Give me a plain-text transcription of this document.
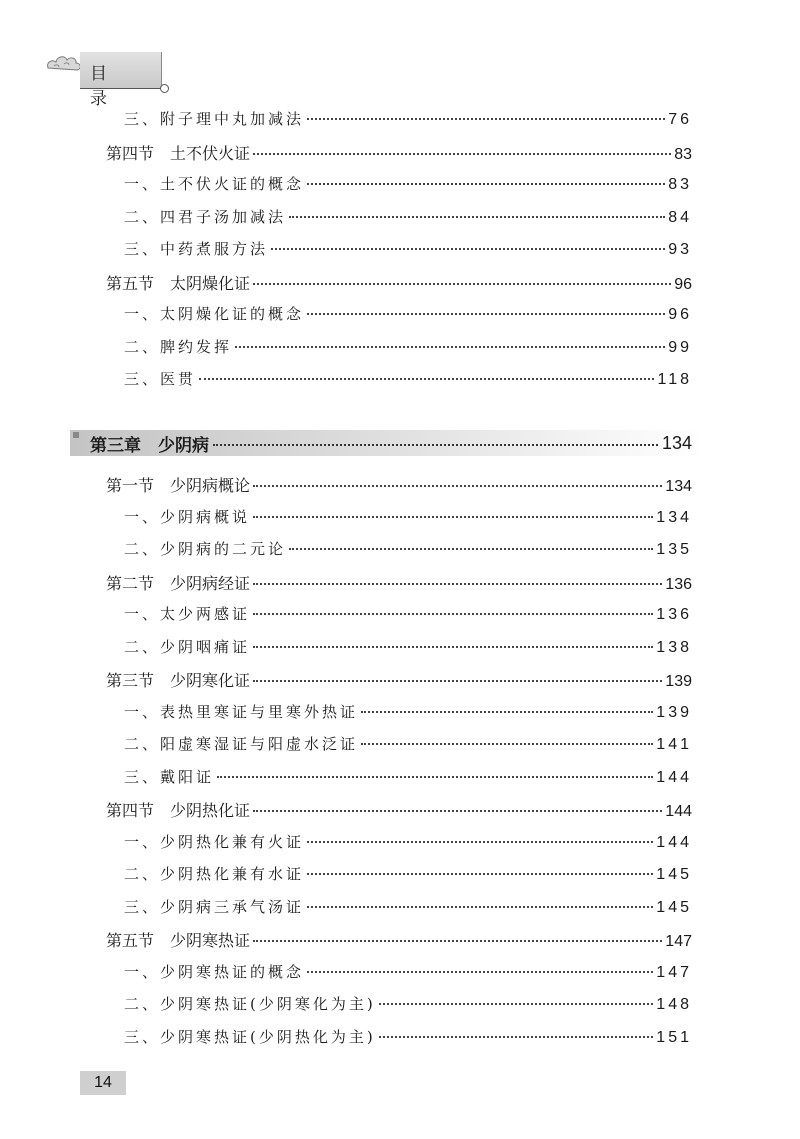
目 录
三、附子理中丸加减法	76
第四节　土不伏火证	83
一、土不伏火证的概念	83
二、四君子汤加减法	84
三、中药煮服方法	93
第五节　太阴燥化证	96
一、太阴燥化证的概念	96
二、脾约发挥	99
三、医贯	118
第三章　少阴病	134
第一节　少阴病概论	134
一、少阴病概说	134
二、少阴病的二元论	135
第二节　少阴病经证	136
一、太少两感证	136
二、少阴咽痛证	138
第三节　少阴寒化证	139
一、表热里寒证与里寒外热证	139
二、阳虚寒湿证与阳虚水泛证	141
三、戴阳证	144
第四节　少阴热化证	144
一、少阴热化兼有火证	144
二、少阴热化兼有水证	145
三、少阴病三承气汤证	145
第五节　少阴寒热证	147
一、少阴寒热证的概念	147
二、少阴寒热证(少阴寒化为主)	148
三、少阴寒热证(少阴热化为主)	151
14
